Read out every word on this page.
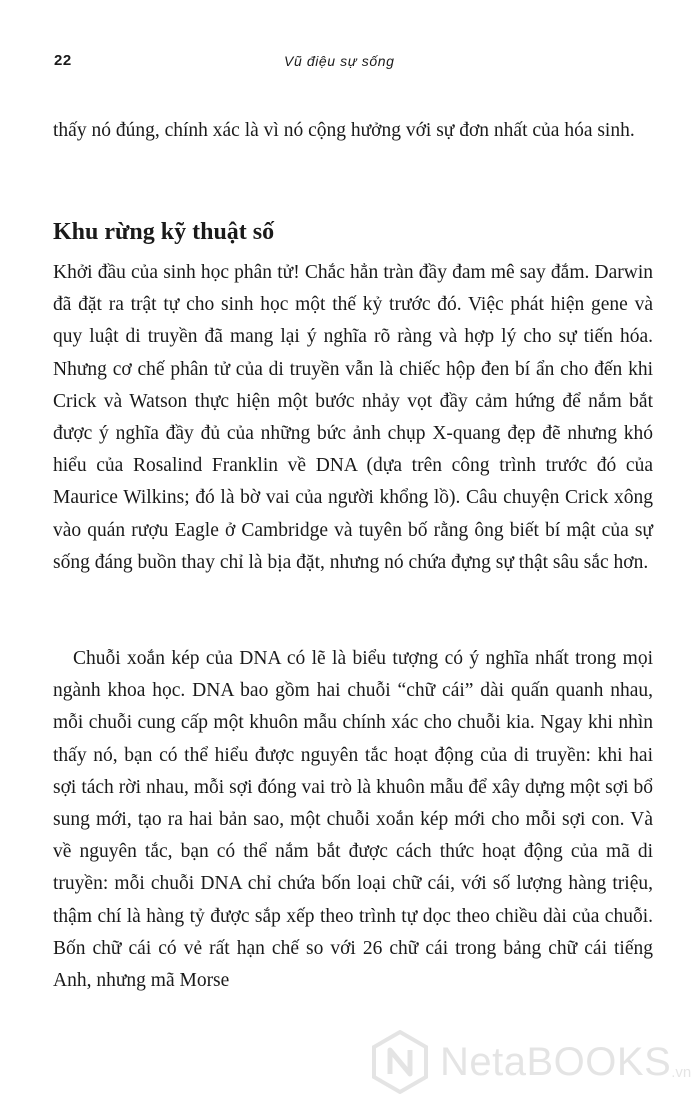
22	Vũ điệu sự sống

thấy nó đúng, chính xác là vì nó cộng hưởng với sự đơn nhất của hóa sinh.

Khu rừng kỹ thuật số

Khởi đầu của sinh học phân tử! Chắc hẳn tràn đầy đam mê say đắm. Darwin đã đặt ra trật tự cho sinh học một thế kỷ trước đó. Việc phát hiện gene và quy luật di truyền đã mang lại ý nghĩa rõ ràng và hợp lý cho sự tiến hóa. Nhưng cơ chế phân tử của di truyền vẫn là chiếc hộp đen bí ẩn cho đến khi Crick và Watson thực hiện một bước nhảy vọt đầy cảm hứng để nắm bắt được ý nghĩa đầy đủ của những bức ảnh chụp X-quang đẹp đẽ nhưng khó hiểu của Rosalind Franklin về DNA (dựa trên công trình trước đó của Maurice Wilkins; đó là bờ vai của người khổng lồ). Câu chuyện Crick xông vào quán rượu Eagle ở Cambridge và tuyên bố rằng ông biết bí mật của sự sống đáng buồn thay chỉ là bịa đặt, nhưng nó chứa đựng sự thật sâu sắc hơn.

Chuỗi xoắn kép của DNA có lẽ là biểu tượng có ý nghĩa nhất trong mọi ngành khoa học. DNA bao gồm hai chuỗi “chữ cái” dài quấn quanh nhau, mỗi chuỗi cung cấp một khuôn mẫu chính xác cho chuỗi kia. Ngay khi nhìn thấy nó, bạn có thể hiểu được nguyên tắc hoạt động của di truyền: khi hai sợi tách rời nhau, mỗi sợi đóng vai trò là khuôn mẫu để xây dựng một sợi bổ sung mới, tạo ra hai bản sao, một chuỗi xoắn kép mới cho mỗi sợi con. Và về nguyên tắc, bạn có thể nắm bắt được cách thức hoạt động của mã di truyền: mỗi chuỗi DNA chỉ chứa bốn loại chữ cái, với số lượng hàng triệu, thậm chí là hàng tỷ được sắp xếp theo trình tự dọc theo chiều dài của chuỗi. Bốn chữ cái có vẻ rất hạn chế so với 26 chữ cái trong bảng chữ cái tiếng Anh, nhưng mã Morse

NetaBOOKS .vn
